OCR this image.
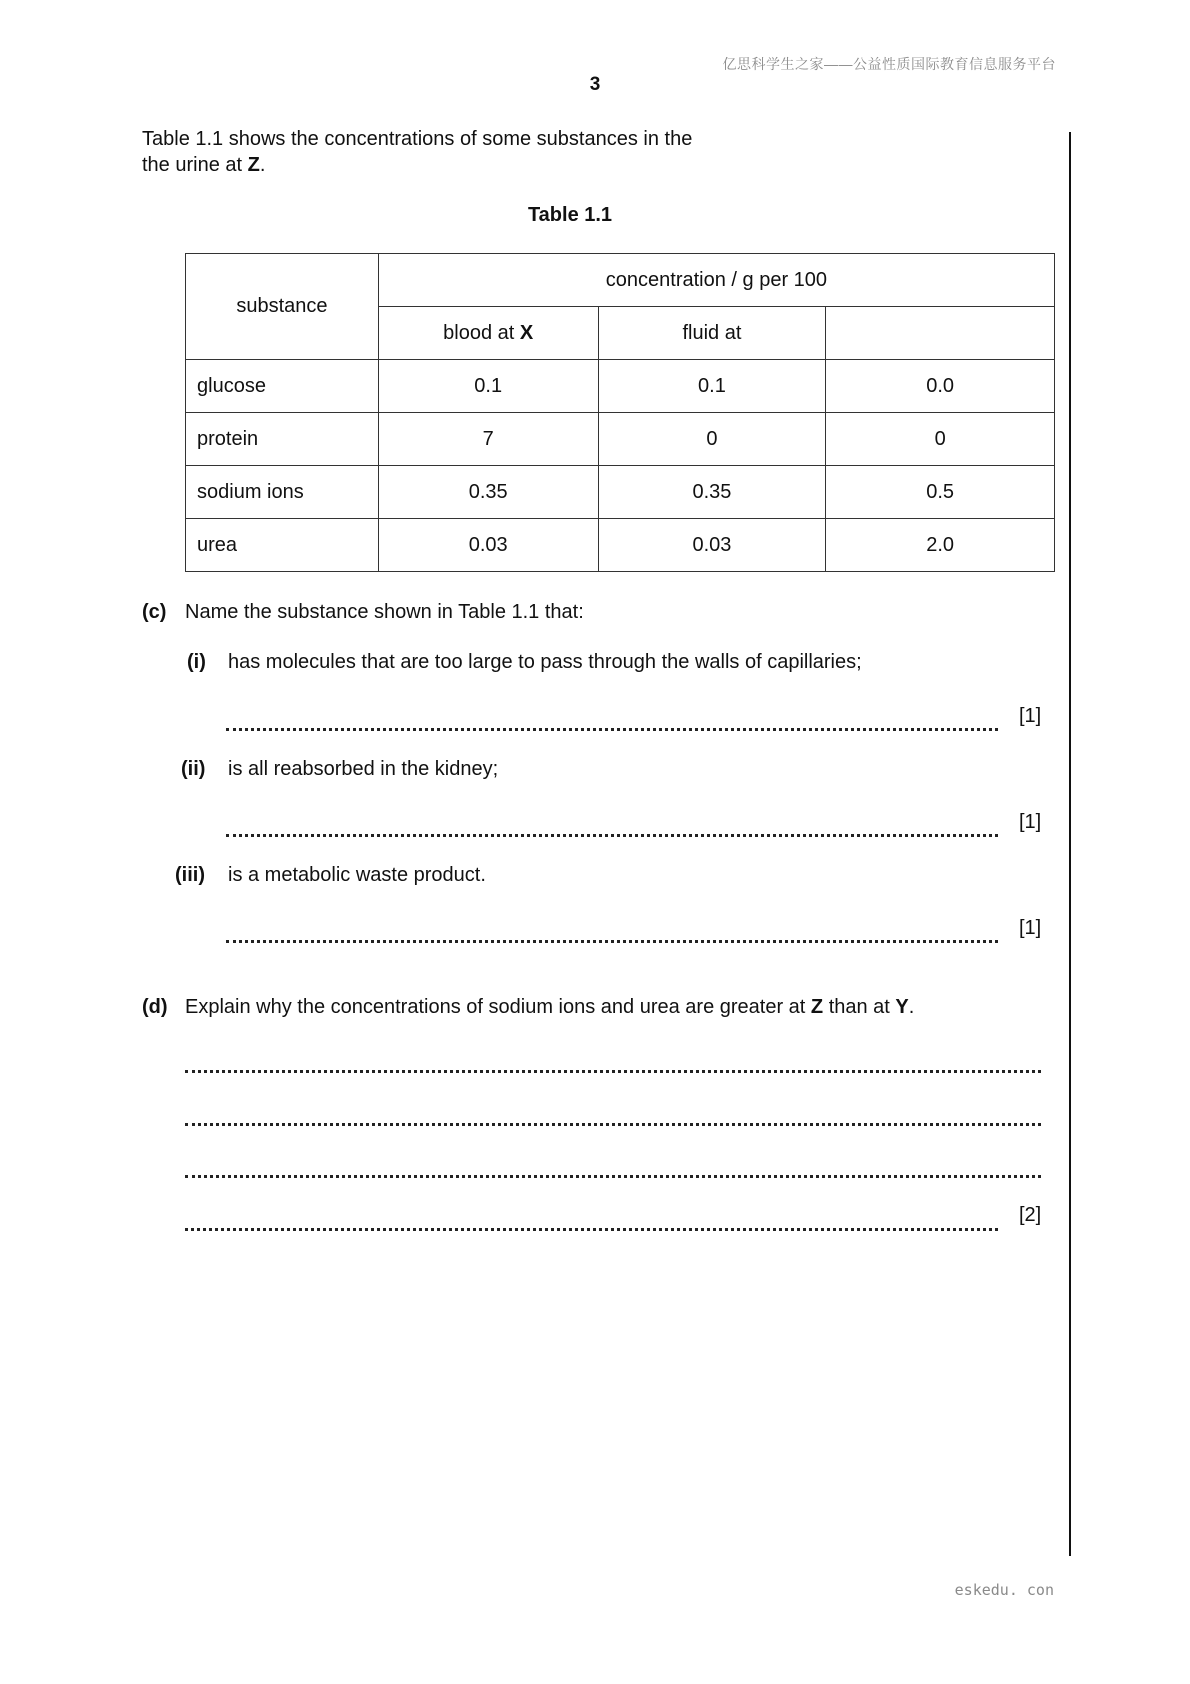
亿思科学生之家——公益性质国际教育信息服务平台
3
Table 1.1 shows the concentrations of some substances in the
the urine at Z.
Table 1.1
substance	concentration / g per 100		
	blood at X	fluid at	
glucose	0.1	0.1	0.0
protein	7	0	0
sodium ions	0.35	0.35	0.5
urea	0.03	0.03	2.0
(c) Name the substance shown in Table 1.1 that:
(i) has molecules that are too large to pass through the walls of capillaries;
[1]
(ii) is all reabsorbed in the kidney;
[1]
(iii) is a metabolic waste product.
[1]
(d) Explain why the concentrations of sodium ions and urea are greater at Z than at Y.
[2]
eskedu. con
